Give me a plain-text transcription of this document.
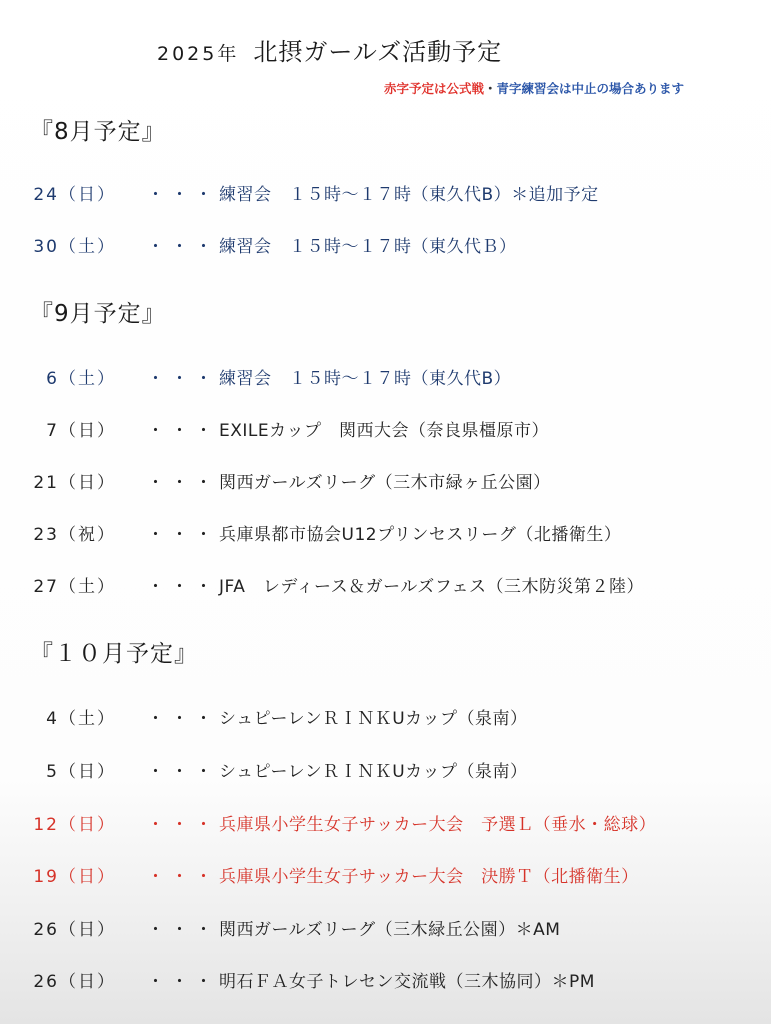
2025年 北摂ガールズ活動予定
赤字予定は公式戦・青字練習会は中止の場合あります
『8月予定』
24（日） ・・・ 練習会　１５時～１７時（東久代B）＊追加予定
30（土） ・・・ 練習会　１５時～１７時（東久代Ｂ）
『9月予定』
6（土） ・・・ 練習会　１５時～１７時（東久代B）
7（日） ・・・ EXILEカップ　関西大会（奈良県橿原市）
21（日） ・・・ 関西ガールズリーグ（三木市緑ヶ丘公園）
23（祝） ・・・ 兵庫県都市協会U12プリンセスリーグ（北播衛生）
27（土） ・・・ JFA　レディース＆ガールズフェス（三木防災第２陸）
『１０月予定』
4（土） ・・・ シュピーレンＲＩＮＫUカップ（泉南）
5（日） ・・・ シュピーレンＲＩＮＫUカップ（泉南）
12（日） ・・・ 兵庫県小学生女子サッカー大会　予選Ｌ（垂水・総球）
19（日） ・・・ 兵庫県小学生女子サッカー大会　決勝Ｔ（北播衛生）
26（日） ・・・ 関西ガールズリーグ（三木緑丘公園）＊AM
26（日） ・・・ 明石ＦＡ女子トレセン交流戦（三木協同）＊PM
